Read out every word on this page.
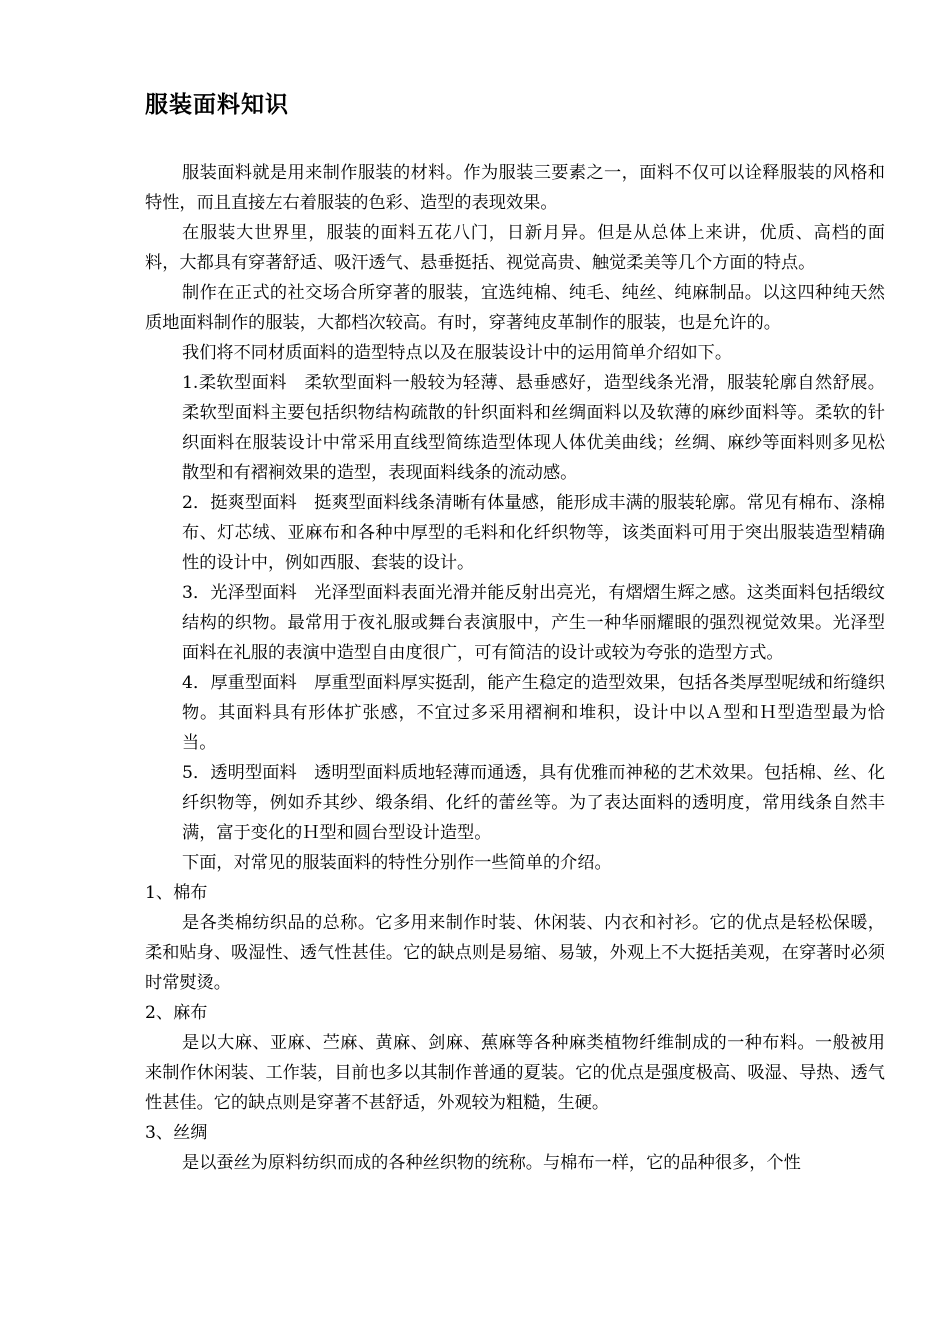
服装面料知识

服装面料就是用来制作服装的材料。作为服装三要素之一，面料不仅可以诠释服装的风格和特性，而且直接左右着服装的色彩、造型的表现效果。

在服装大世界里，服装的面料五花八门，日新月异。但是从总体上来讲，优质、高档的面料，大都具有穿著舒适、吸汗透气、悬垂挺括、视觉高贵、触觉柔美等几个方面的特点。

制作在正式的社交场合所穿著的服装，宜选纯棉、纯毛、纯丝、纯麻制品。以这四种纯天然质地面料制作的服装，大都档次较高。有时，穿著纯皮革制作的服装，也是允许的。

我们将不同材质面料的造型特点以及在服装设计中的运用简单介绍如下。

1.柔软型面料　柔软型面料一般较为轻薄、悬垂感好，造型线条光滑，服装轮廓自然舒展。柔软型面料主要包括织物结构疏散的针织面料和丝绸面料以及软薄的麻纱面料等。柔软的针织面料在服装设计中常采用直线型简练造型体现人体优美曲线；丝绸、麻纱等面料则多见松散型和有褶裥效果的造型，表现面料线条的流动感。

2．挺爽型面料　挺爽型面料线条清晰有体量感，能形成丰满的服装轮廓。常见有棉布、涤棉布、灯芯绒、亚麻布和各种中厚型的毛料和化纤织物等，该类面料可用于突出服装造型精确性的设计中，例如西服、套装的设计。

3．光泽型面料　光泽型面料表面光滑并能反射出亮光，有熠熠生辉之感。这类面料包括缎纹结构的织物。最常用于夜礼服或舞台表演服中，产生一种华丽耀眼的强烈视觉效果。光泽型面料在礼服的表演中造型自由度很广，可有简洁的设计或较为夸张的造型方式。

4．厚重型面料　厚重型面料厚实挺刮，能产生稳定的造型效果，包括各类厚型呢绒和绗缝织物。其面料具有形体扩张感，不宜过多采用褶裥和堆积，设计中以Ａ型和Ｈ型造型最为恰当。

5．透明型面料　透明型面料质地轻薄而通透，具有优雅而神秘的艺术效果。包括棉、丝、化纤织物等，例如乔其纱、缎条绢、化纤的蕾丝等。为了表达面料的透明度，常用线条自然丰满，富于变化的Ｈ型和圆台型设计造型。

下面，对常见的服装面料的特性分别作一些简单的介绍。

1、棉布

是各类棉纺织品的总称。它多用来制作时装、休闲装、内衣和衬衫。它的优点是轻松保暖，柔和贴身、吸湿性、透气性甚佳。它的缺点则是易缩、易皱，外观上不大挺括美观，在穿著时必须时常熨烫。

2、麻布

是以大麻、亚麻、苎麻、黄麻、剑麻、蕉麻等各种麻类植物纤维制成的一种布料。一般被用来制作休闲装、工作装，目前也多以其制作普通的夏装。它的优点是强度极高、吸湿、导热、透气性甚佳。它的缺点则是穿著不甚舒适，外观较为粗糙，生硬。

3、丝绸

是以蚕丝为原料纺织而成的各种丝织物的统称。与棉布一样，它的品种很多，个性
